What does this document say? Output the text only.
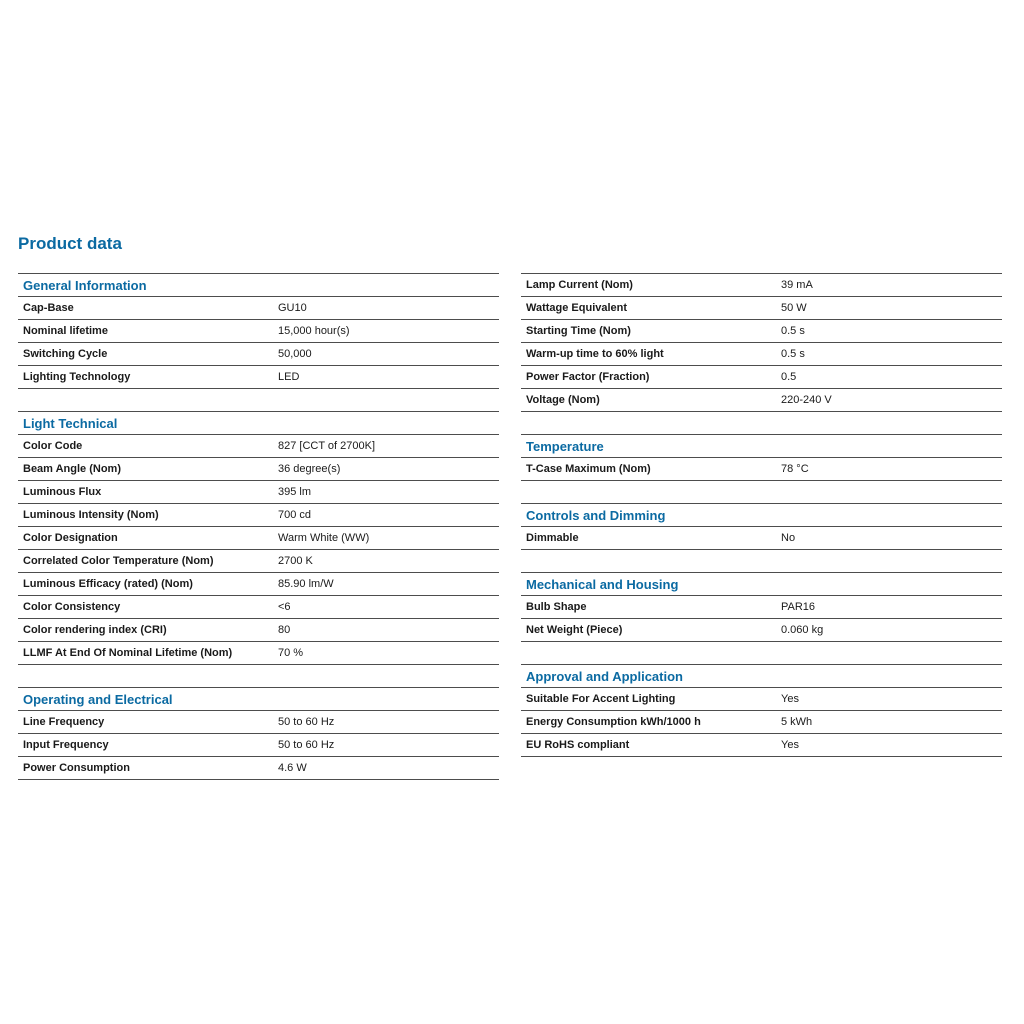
Product data
General Information
Cap-Base	GU10
Nominal lifetime	15,000 hour(s)
Switching Cycle	50,000
Lighting Technology	LED
Light Technical
Color Code	827 [CCT of 2700K]
Beam Angle (Nom)	36 degree(s)
Luminous Flux	395 lm
Luminous Intensity (Nom)	700 cd
Color Designation	Warm White (WW)
Correlated Color Temperature (Nom)	2700 K
Luminous Efficacy (rated) (Nom)	85.90 lm/W
Color Consistency	<6
Color rendering index (CRI)	80
LLMF At End Of Nominal Lifetime (Nom)	70 %
Operating and Electrical
Line Frequency	50 to 60 Hz
Input Frequency	50 to 60 Hz
Power Consumption	4.6 W
Lamp Current (Nom)	39 mA
Wattage Equivalent	50 W
Starting Time (Nom)	0.5 s
Warm-up time to 60% light	0.5 s
Power Factor (Fraction)	0.5
Voltage (Nom)	220-240 V
Temperature
T-Case Maximum (Nom)	78 °C
Controls and Dimming
Dimmable	No
Mechanical and Housing
Bulb Shape	PAR16
Net Weight (Piece)	0.060 kg
Approval and Application
Suitable For Accent Lighting	Yes
Energy Consumption kWh/1000 h	5 kWh
EU RoHS compliant	Yes
